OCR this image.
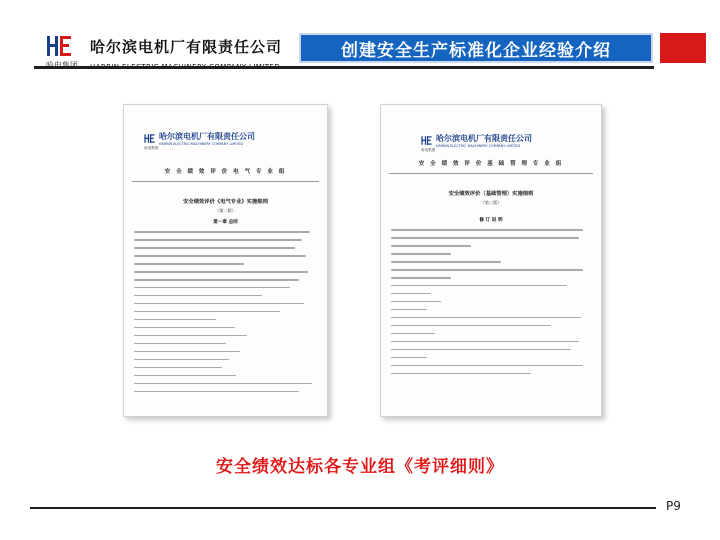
哈尔滨电机厂有限责任公司	创建安全生产标准化企业经验介绍
哈尔滨电机厂有限责任公司
HARBIN ELECTRIC MACHINERY COMPANY LIMITED
哈电集团
安 全 绩 效 评 价 电 气 专 业 组
安全绩效评价《电气专业》实施细则
（第二版）
第一章 总则
哈尔滨电机厂有限责任公司
HARBIN ELECTRIC MACHINERY COMPANY LIMITED
哈电集团
安 全 绩 效 评 价 基 础 管 理 专 业 组
安全绩效评价（基础管理）实施细则
（第三版）
修 订 说 明
安全绩效达标各专业组《考评细则》
P9
